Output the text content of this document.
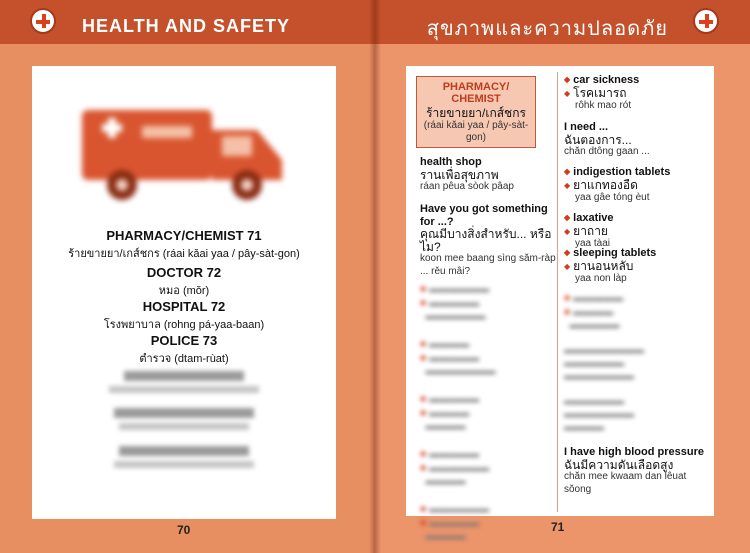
HEALTH AND SAFETY
PHARMACY/CHEMIST 71
ร้ายขายยา/เกส์ชกร (ráai kăai yaa / pây-sàt-gon)
DOCTOR 72
หมอ (mŏr)
HOSPITAL 72
โรงพยาบาล (rohng pá-yaa-baan)
POLICE 73
ตำรวจ (dtam-rùat)
70
สุขภาพและความปลอดภัย
PHARMACY/ CHEMIST
ร้ายขายยา/เกส์ชกร
(ráai kăai yaa / pây-sàt-gon)
health shop
รานเพื่อสุขภาพ
ráan pêua sòok pâap
Have you got something for ...?
คุณมีบางสิ่งสำหรับ... หรือไม?
koon mee baang sìng săm-ràp ... rěu mâi?
◆ ▬▬▬▬▬▬
◆ ▬▬▬▬▬
▬▬▬▬▬▬
◆ ▬▬▬▬
◆ ▬▬▬▬▬
▬▬▬▬▬▬▬
◆ ▬▬▬▬▬
◆ ▬▬▬▬
▬▬▬▬
◆ ▬▬▬▬▬
◆ ▬▬▬▬▬▬
▬▬▬▬
◆ ▬▬▬▬▬▬
◆ ▬▬▬▬▬
▬▬▬▬
◆ car sickness
◆ โรคเมารถ
rôhk mao rót
I need ...
ฉันตองการ...
chăn dtông gaan ...
◆ indigestion tablets
◆ ยาแกทองอืด
yaa gâe tóng èut
◆ laxative
◆ ยาถาย
yaa tàai
◆ sleeping tablets
◆ ยานอนหลับ
yaa non làp
◆ ▬▬▬▬▬
◆ ▬▬▬▬
▬▬▬▬▬
▬▬▬▬▬▬▬▬
▬▬▬▬▬▬
▬▬▬▬▬▬▬
▬▬▬▬▬▬
▬▬▬▬▬▬▬
▬▬▬▬
I have high blood pressure
ฉันมีความดันเลือดสูง
chăn mee kwaam dan lêuat sŏong
71
